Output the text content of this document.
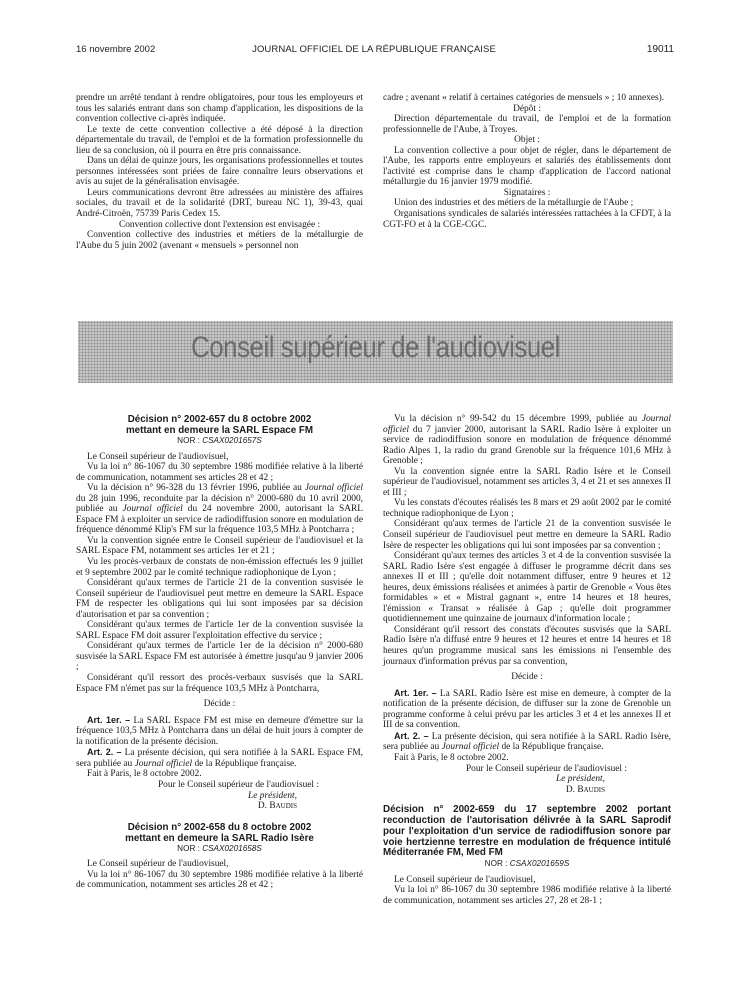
16 novembre 2002	JOURNAL OFFICIEL DE LA RÉPUBLIQUE FRANÇAISE	19011

prendre un arrêté tendant à rendre obligatoires, pour tous les employeurs et tous les salariés entrant dans son champ d'application, les dispositions de la convention collective ci-après indiquée.

Le texte de cette convention collective a été déposé à la direction départementale du travail, de l'emploi et de la formation professionnelle du lieu de sa conclusion, où il pourra en être pris connaissance.

Dans un délai de quinze jours, les organisations professionnelles et toutes personnes intéressées sont priées de faire connaître leurs observations et avis au sujet de la généralisation envisagée.

Leurs communications devront être adressées au ministère des affaires sociales, du travail et de la solidarité (DRT, bureau NC 1), 39-43, quai André-Citroën, 75739 Paris Cedex 15.

Convention collective dont l'extension est envisagée :

Convention collective des industries et métiers de la métallurgie de l'Aube du 5 juin 2002 (avenant « mensuels » personnel non

cadre ; avenant « relatif à certaines catégories de mensuels » ; 10 annexes).

Dépôt :

Direction départementale du travail, de l'emploi et de la formation professionnelle de l'Aube, à Troyes.

Objet :

La convention collective a pour objet de régler, dans le département de l'Aube, les rapports entre employeurs et salariés des établissements dont l'activité est comprise dans le champ d'application de l'accord national métallurgie du 16 janvier 1979 modifié.

Signataires :

Union des industries et des métiers de la métallurgie de l'Aube ;

Organisations syndicales de salariés intéressées rattachées à la CFDT, à la CGT-FO et à la CGE-CGC.

Conseil supérieur de l'audiovisuel

Décision n° 2002-657 du 8 octobre 2002

mettant en demeure la SARL Espace FM

NOR : CSAX0201657S

Le Conseil supérieur de l'audiovisuel,

Vu la loi n° 86-1067 du 30 septembre 1986 modifiée relative à la liberté de communication, notamment ses articles 28 et 42 ;

Vu la décision n° 96-328 du 13 février 1996, publiée au Journal officiel du 28 juin 1996, reconduite par la décision n° 2000-680 du 10 avril 2000, publiée au Journal officiel du 24 novembre 2000, autorisant la SARL Espace FM à exploiter un service de radiodiffusion sonore en modulation de fréquence dénommé Klip's FM sur la fréquence 103,5 MHz à Pontcharra ;

Vu la convention signée entre le Conseil supérieur de l'audiovisuel et la SARL Espace FM, notamment ses articles 1er et 21 ;

Vu les procès-verbaux de constats de non-émission effectués les 9 juillet et 9 septembre 2002 par le comité technique radiophonique de Lyon ;

Considérant qu'aux termes de l'article 21 de la convention susvisée le Conseil supérieur de l'audiovisuel peut mettre en demeure la SARL Espace FM de respecter les obligations qui lui sont imposées par sa décision d'autorisation et par sa convention ;

Considérant qu'aux termes de l'article 1er de la convention susvisée la SARL Espace FM doit assurer l'exploitation effective du service ;

Considérant qu'aux termes de l'article 1er de la décision n° 2000-680 susvisée la SARL Espace FM est autorisée à émettre jusqu'au 9 janvier 2006 ;

Considérant qu'il ressort des procès-verbaux susvisés que la SARL Espace FM n'émet pas sur la fréquence 103,5 MHz à Pontcharra,

Décide :

Art. 1er. – La SARL Espace FM est mise en demeure d'émettre sur la fréquence 103,5 MHz à Pontcharra dans un délai de huit jours à compter de la notification de la présente décision.

Art. 2. – La présente décision, qui sera notifiée à la SARL Espace FM, sera publiée au Journal officiel de la République française.

Fait à Paris, le 8 octobre 2002.

Pour le Conseil supérieur de l'audiovisuel :

Le président,

D. Baudis

Décision n° 2002-658 du 8 octobre 2002

mettant en demeure la SARL Radio Isère

NOR : CSAX0201658S

Le Conseil supérieur de l'audiovisuel,

Vu la loi n° 86-1067 du 30 septembre 1986 modifiée relative à la liberté de communication, notamment ses articles 28 et 42 ;

Vu la décision n° 99-542 du 15 décembre 1999, publiée au Journal officiel du 7 janvier 2000, autorisant la SARL Radio Isère à exploiter un service de radiodiffusion sonore en modulation de fréquence dénommé Radio Alpes 1, la radio du grand Grenoble sur la fréquence 101,6 MHz à Grenoble ;

Vu la convention signée entre la SARL Radio Isère et le Conseil supérieur de l'audiovisuel, notamment ses articles 3, 4 et 21 et ses annexes II et III ;

Vu les constats d'écoutes réalisés les 8 mars et 29 août 2002 par le comité technique radiophonique de Lyon ;

Considérant qu'aux termes de l'article 21 de la convention susvisée le Conseil supérieur de l'audiovisuel peut mettre en demeure la SARL Radio Isère de respecter les obligations qui lui sont imposées par sa convention ;

Considérant qu'aux termes des articles 3 et 4 de la convention susvisée la SARL Radio Isère s'est engagée à diffuser le programme décrit dans ses annexes II et III ; qu'elle doit notamment diffuser, entre 9 heures et 12 heures, deux émissions réalisées et animées à partir de Grenoble « Vous êtes formidables » et « Mistral gagnant », entre 14 heures et 18 heures, l'émission « Transat » réalisée à Gap ; qu'elle doit programmer quotidiennement une quinzaine de journaux d'information locale ;

Considérant qu'il ressort des constats d'écoutes susvisés que la SARL Radio Isère n'a diffusé entre 9 heures et 12 heures et entre 14 heures et 18 heures qu'un programme musical sans les émissions ni l'ensemble des journaux d'information prévus par sa convention,

Décide :

Art. 1er. – La SARL Radio Isère est mise en demeure, à compter de la notification de la présente décision, de diffuser sur la zone de Grenoble un programme conforme à celui prévu par les articles 3 et 4 et les annexes II et III de sa convention.

Art. 2. – La présente décision, qui sera notifiée à la SARL Radio Isère, sera publiée au Journal officiel de la République française.

Fait à Paris, le 8 octobre 2002.

Pour le Conseil supérieur de l'audiovisuel :

Le président,

D. Baudis

Décision n° 2002-659 du 17 septembre 2002 portant reconduction de l'autorisation délivrée à la SARL Saprodif pour l'exploitation d'un service de radiodiffusion sonore par voie hertzienne terrestre en modulation de fréquence intitulé Méditerranée FM, Med FM

NOR : CSAX0201659S

Le Conseil supérieur de l'audiovisuel,

Vu la loi n° 86-1067 du 30 septembre 1986 modifiée relative à la liberté de communication, notamment ses articles 27, 28 et 28-1 ;
